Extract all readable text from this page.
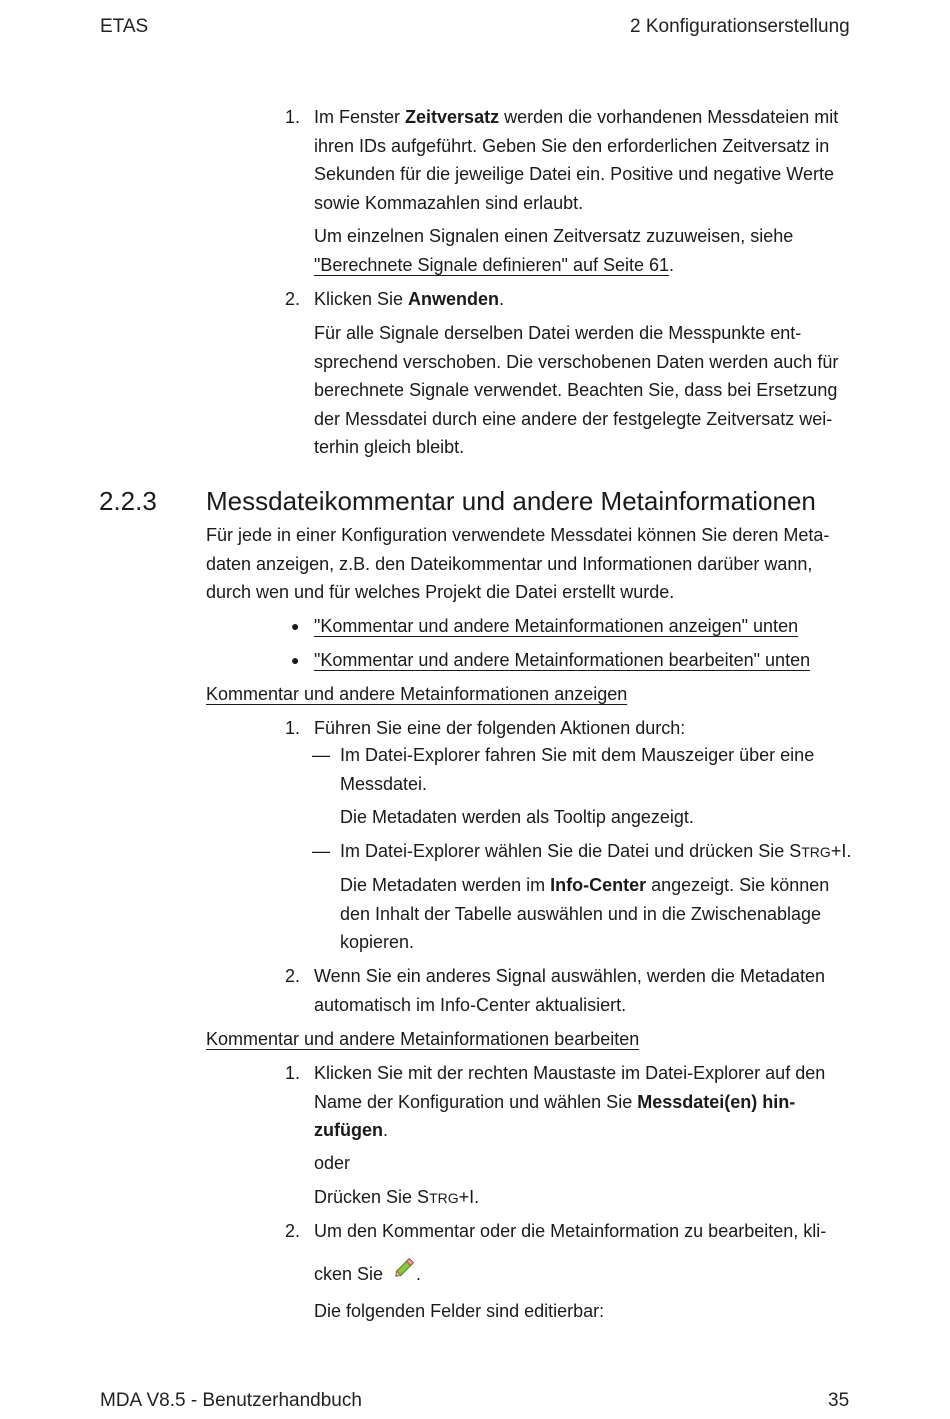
ETAS	2 Konfigurationserstellung
1. Im Fenster Zeitversatz werden die vorhandenen Messdateien mit
ihren IDs aufgeführt. Geben Sie den erforderlichen Zeitversatz in
Sekunden für die jeweilige Datei ein. Positive und negative Werte
sowie Kommazahlen sind erlaubt.
Um einzelnen Signalen einen Zeitversatz zuzuweisen, siehe
"Berechnete Signale definieren" auf Seite 61.
2. Klicken Sie Anwenden.
Für alle Signale derselben Datei werden die Messpunkte ent-
sprechend verschoben. Die verschobenen Daten werden auch für
berechnete Signale verwendet. Beachten Sie, dass bei Ersetzung
der Messdatei durch eine andere der festgelegte Zeitversatz wei-
terhin gleich bleibt.
2.2.3 Messdateikommentar und andere Metainformationen
Für jede in einer Konfiguration verwendete Messdatei können Sie deren Meta-
daten anzeigen, z.B. den Dateikommentar und Informationen darüber wann,
durch wen und für welches Projekt die Datei erstellt wurde.
● "Kommentar und andere Metainformationen anzeigen" unten
● "Kommentar und andere Metainformationen bearbeiten" unten
Kommentar und andere Metainformationen anzeigen
1. Führen Sie eine der folgenden Aktionen durch:
— Im Datei-Explorer fahren Sie mit dem Mauszeiger über eine
Messdatei.
Die Metadaten werden als Tooltip angezeigt.
— Im Datei-Explorer wählen Sie die Datei und drücken Sie STRG+I.
Die Metadaten werden im Info-Center angezeigt. Sie können
den Inhalt der Tabelle auswählen und in die Zwischenablage
kopieren.
2. Wenn Sie ein anderes Signal auswählen, werden die Metadaten
automatisch im Info-Center aktualisiert.
Kommentar und andere Metainformationen bearbeiten
1. Klicken Sie mit der rechten Maustaste im Datei-Explorer auf den
Name der Konfiguration und wählen Sie Messdatei(en) hin-
zufügen.
oder
Drücken Sie STRG+I.
2. Um den Kommentar oder die Metainformation zu bearbeiten, kli-
cken Sie .
Die folgenden Felder sind editierbar:
MDA V8.5 - Benutzerhandbuch	35
